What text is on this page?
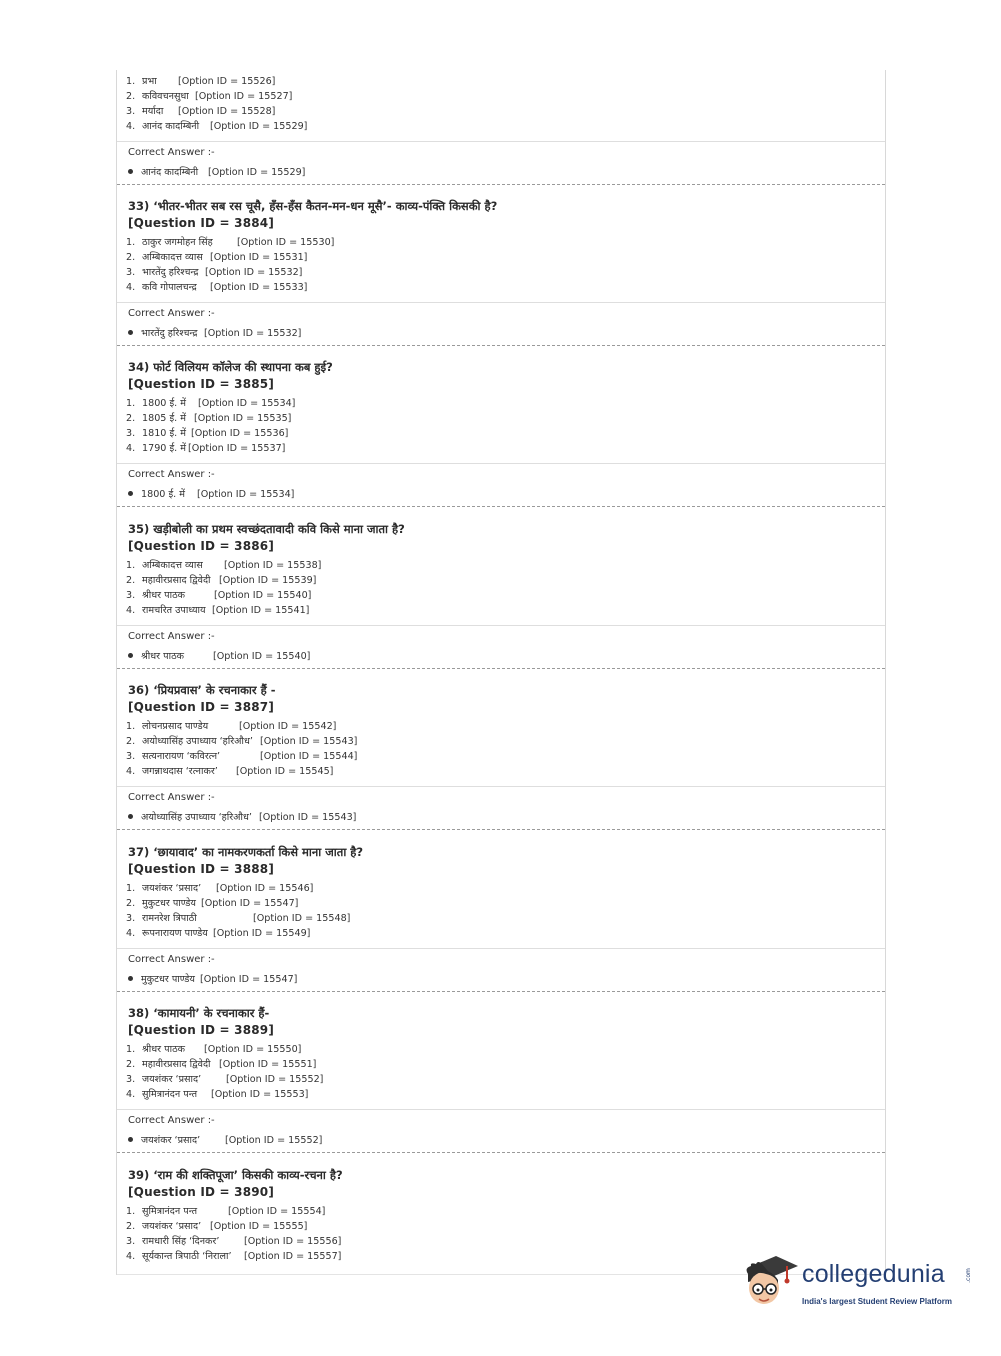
1. प्रभा [Option ID = 15526]
2. कविवचनसुधा [Option ID = 15527]
3. मर्यादा [Option ID = 15528]
4. आनंद कादम्बिनी [Option ID = 15529]
Correct Answer :-
आनंद कादम्बिनी [Option ID = 15529]
33) ‘भीतर-भीतर सब रस चूसै, हँस-हँस कैतन-मन-धन मूसै’- काव्य-पंक्ति किसकी है?
[Question ID = 3884]
1. ठाकुर जगमोहन सिंह	[Option ID = 15530]
2. अम्बिकादत्त व्यास [Option ID = 15531]
3. भारतेंदु हरिश्चन्द्र [Option ID = 15532]
4. कवि गोपालचन्द्र [Option ID = 15533]
Correct Answer :-
भारतेंदु हरिश्चन्द्र [Option ID = 15532]
34) फोर्ट विलियम कॉलेज की स्थापना कब हुई?
[Question ID = 3885]
1. 1800 ई. में [Option ID = 15534]
2. 1805 ई. में [Option ID = 15535]
3. 1810 ई. में [Option ID = 15536]
4. 1790 ई. में [Option ID = 15537]
Correct Answer :-
1800 ई. में [Option ID = 15534]
35) खड़ीबोली का प्रथम स्वच्छंदतावादी कवि किसे माना जाता है?
[Question ID = 3886]
1. अम्बिकादत्त व्यास [Option ID = 15538]
2. महावीरप्रसाद द्विवेदी [Option ID = 15539]
3. श्रीधर पाठक	[Option ID = 15540]
4. रामचरित उपाध्याय [Option ID = 15541]
Correct Answer :-
श्रीधर पाठक	[Option ID = 15540]
36) ‘प्रियप्रवास’ के रचनाकार हैं -
[Question ID = 3887]
1. लोचनप्रसाद पाण्डेय	[Option ID = 15542]
2. अयोध्यासिंह उपाध्याय ‘हरिऔध’ [Option ID = 15543]
3. सत्यनारायण ‘कविरत्न’	[Option ID = 15544]
4. जगन्नाथदास ‘रत्नाकर’ [Option ID = 15545]
Correct Answer :-
अयोध्यासिंह उपाध्याय ‘हरिऔध’ [Option ID = 15543]
37) ‘छायावाद’ का नामकरणकर्ता किसे माना जाता है?
[Question ID = 3888]
1. जयशंकर ‘प्रसाद’ [Option ID = 15546]
2. मुकुटधर पाण्डेय [Option ID = 15547]
3. रामनरेश त्रिपाठी	[Option ID = 15548]
4. रूपनारायण पाण्डेय [Option ID = 15549]
Correct Answer :-
मुकुटधर पाण्डेय [Option ID = 15547]
38) ‘कामायनी’ के रचनाकार हैं-
[Question ID = 3889]
1. श्रीधर पाठक [Option ID = 15550]
2. महावीरप्रसाद द्विवेदी [Option ID = 15551]
3. जयशंकर ‘प्रसाद’	[Option ID = 15552]
4. सुमित्रानंदन पन्त [Option ID = 15553]
Correct Answer :-
जयशंकर ‘प्रसाद’	[Option ID = 15552]
39) ‘राम की शक्तिपूजा’ किसकी काव्य-रचना है?
[Question ID = 3890]
1. सुमित्रानंदन पन्त	[Option ID = 15554]
2. जयशंकर ‘प्रसाद’ [Option ID = 15555]
3. रामधारी सिंह ‘दिनकर’	[Option ID = 15556]
4. सूर्यकान्त त्रिपाठी ‘निराला’ [Option ID = 15557]
collegedunia	.com
India's largest Student Review Platform
